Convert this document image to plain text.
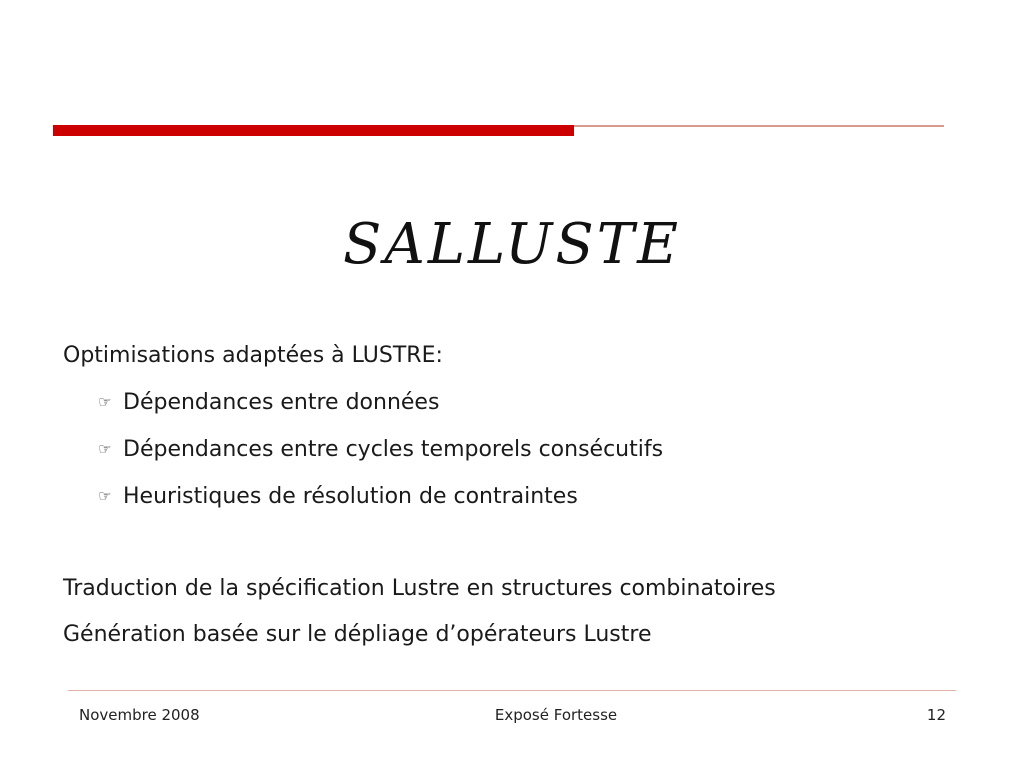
SALLUSTE
Optimisations adaptées à LUSTRE:
☞ Dépendances entre données
☞ Dépendances entre cycles temporels consécutifs
☞ Heuristiques de résolution de contraintes
Traduction de la spécification Lustre en structures combinatoires
Génération basée sur le dépliage d’opérateurs Lustre
Novembre 2008	Exposé Fortesse	12
